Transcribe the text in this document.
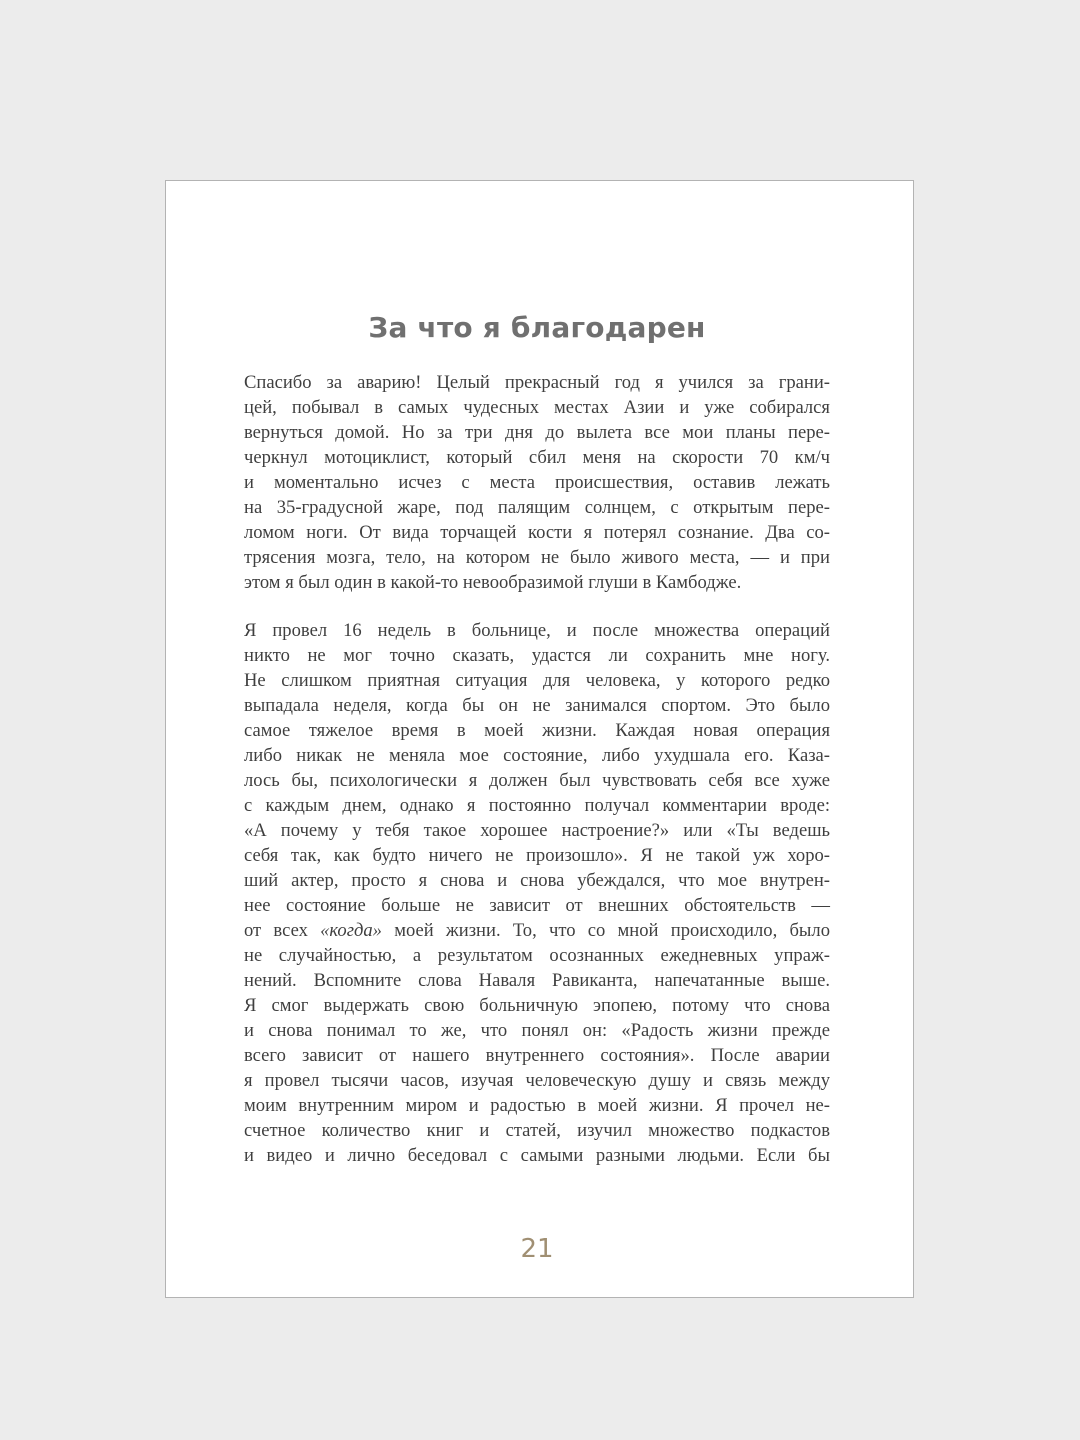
За что я благодарен
Спасибо за аварию! Целый прекрасный год я учился за грани-
цей, побывал в самых чудесных местах Азии и уже собирался
вернуться домой. Но за три дня до вылета все мои планы пере-
черкнул мотоциклист, который сбил меня на скорости 70 км/ч
и моментально исчез с места происшествия, оставив лежать
на 35-градусной жаре, под палящим солнцем, с открытым пере-
ломом ноги. От вида торчащей кости я потерял сознание. Два со-
трясения мозга, тело, на котором не было живого места, — и при
этом я был один в какой-то невообразимой глуши в Камбодже.
Я провел 16 недель в больнице, и после множества операций
никто не мог точно сказать, удастся ли сохранить мне ногу.
Не слишком приятная ситуация для человека, у которого редко
выпадала неделя, когда бы он не занимался спортом. Это было
самое тяжелое время в моей жизни. Каждая новая операция
либо никак не меняла мое состояние, либо ухудшала его. Каза-
лось бы, психологически я должен был чувствовать себя все хуже
с каждым днем, однако я постоянно получал комментарии вроде:
«А почему у тебя такое хорошее настроение?» или «Ты ведешь
себя так, как будто ничего не произошло». Я не такой уж хоро-
ший актер, просто я снова и снова убеждался, что мое внутрен-
нее состояние больше не зависит от внешних обстоятельств —
от всех «когда» моей жизни. То, что со мной происходило, было
не случайностью, а результатом осознанных ежедневных упраж-
нений. Вспомните слова Наваля Равиканта, напечатанные выше.
Я смог выдержать свою больничную эпопею, потому что снова
и снова понимал то же, что понял он: «Радость жизни прежде
всего зависит от нашего внутреннего состояния». После аварии
я провел тысячи часов, изучая человеческую душу и связь между
моим внутренним миром и радостью в моей жизни. Я прочел не-
счетное количество книг и статей, изучил множество подкастов
и видео и лично беседовал с самыми разными людьми. Если бы
21
